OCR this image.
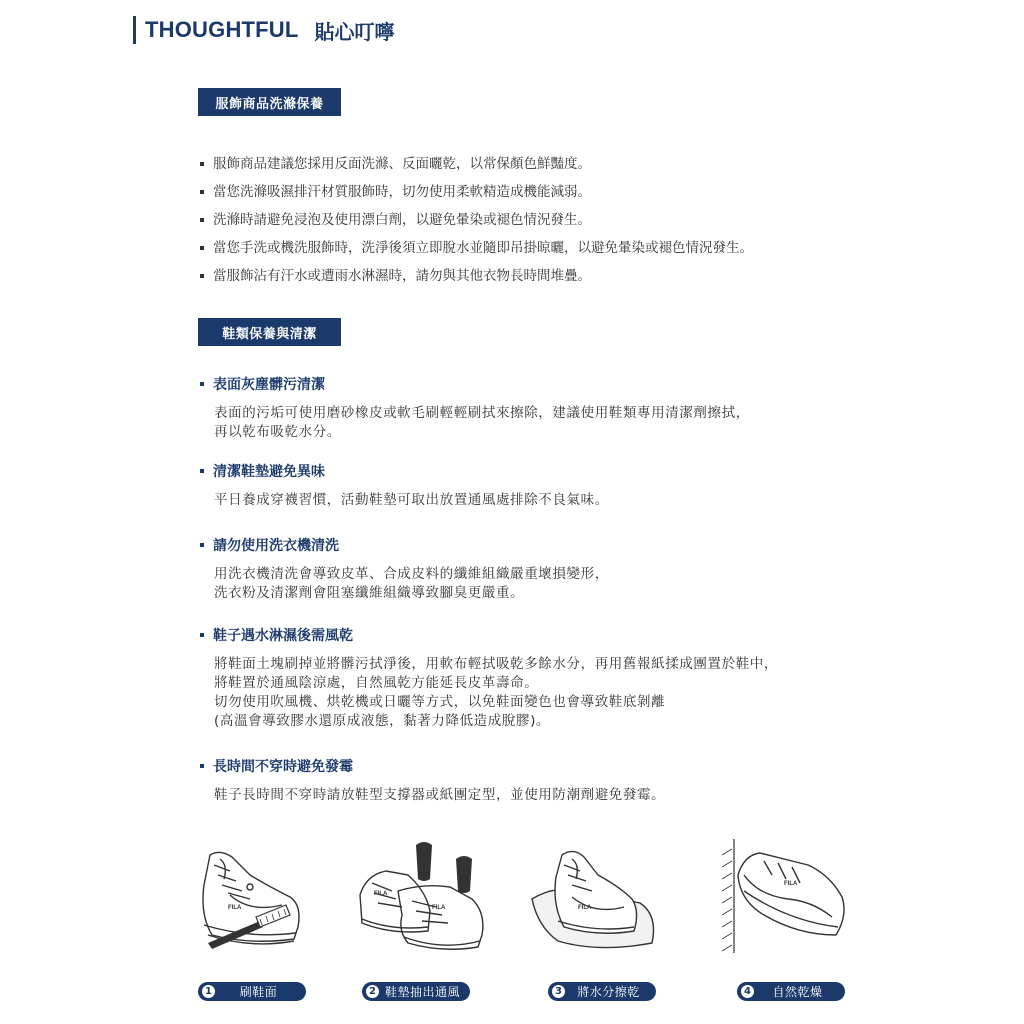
THOUGHTFUL 貼心叮嚀
服飾商品洗滌保養
服飾商品建議您採用反面洗滌、反面曬乾，以常保顏色鮮豔度。
當您洗滌吸濕排汗材質服飾時，切勿使用柔軟精造成機能減弱。
洗滌時請避免浸泡及使用漂白劑，以避免暈染或褪色情況發生。
當您手洗或機洗服飾時，洗淨後須立即脫水並隨即吊掛晾曬，以避免暈染或褪色情況發生。
當服飾沾有汗水或遭雨水淋濕時，請勿與其他衣物長時間堆疊。
鞋類保養與清潔
表面灰塵髒污清潔
表面的污垢可使用磨砂橡皮或軟毛刷輕輕刷拭來擦除，建議使用鞋類專用清潔劑擦拭，
再以乾布吸乾水分。
清潔鞋墊避免異味
平日養成穿襪習慣，活動鞋墊可取出放置通風處排除不良氣味。
請勿使用洗衣機清洗
用洗衣機清洗會導致皮革、合成皮料的纖維組織嚴重壞損變形，
洗衣粉及清潔劑會阻塞纖維組織導致腳臭更嚴重。
鞋子遇水淋濕後需風乾
將鞋面土塊刷掉並將髒污拭淨後，用軟布輕拭吸乾多餘水分，再用舊報紙揉成團置於鞋中，
將鞋置於通風陰涼處，自然風乾方能延長皮革壽命。
切勿使用吹風機、烘乾機或日曬等方式，以免鞋面變色也會導致鞋底剝離
(高溫會導致膠水還原成液態，黏著力降低造成脫膠)。
長時間不穿時避免發霉
鞋子長時間不穿時請放鞋型支撐器或紙團定型，並使用防潮劑避免發霉。
FILA
FILA
FILA	FILA
FILA
1	刷鞋面	2 鞋墊抽出通風	3	將水分擦乾	4	自然乾燥
